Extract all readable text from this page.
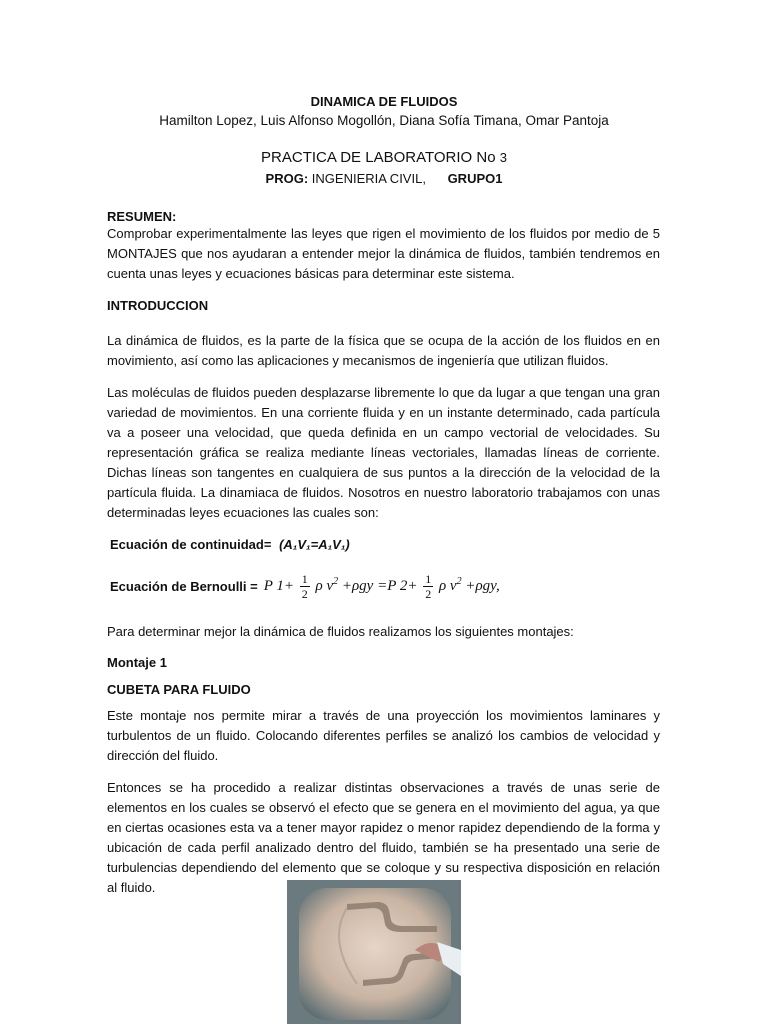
DINAMICA DE FLUIDOS
Hamilton Lopez, Luis Alfonso Mogollón, Diana Sofía Timana, Omar Pantoja
PRACTICA DE LABORATORIO No 3
PROG: INGENIERIA CIVIL, GRUPO1
RESUMEN:

Comprobar experimentalmente las leyes que rigen el movimiento de los fluidos por medio de 5 MONTAJES que nos ayudaran a entender mejor la dinámica de fluidos, también tendremos en cuenta unas leyes y ecuaciones básicas para determinar este sistema.

INTRODUCCION

La dinámica de fluidos, es la parte de la física que se ocupa de la acción de los fluidos en en movimiento, así como las aplicaciones y mecanismos de ingeniería que utilizan fluidos.

Las moléculas de fluidos pueden desplazarse libremente lo que da lugar a que tengan una gran variedad de movimientos. En una corriente fluida y en un instante determinado, cada partícula va a poseer una velocidad, que queda definida en un campo vectorial de velocidades. Su representación gráfica se realiza mediante líneas vectoriales, llamadas líneas de corriente. Dichas líneas son tangentes en cualquiera de sus puntos a la dirección de la velocidad de la partícula fluida. La dinamiaca de fluidos. Nosotros en nuestro laboratorio trabajamos con unas determinadas leyes ecuaciones las cuales son:

Ecuación de continuidad= (A₁V₁=A₁V₁)
Ecuación de Bernoulli = P $1+ \frac{1}{2}$ ρ $v^2 +\rho gy =P$ $2+ \frac{1}{2}$ ρ $v^2 +\rho gy$,

Para determinar mejor la dinámica de fluidos realizamos los siguientes montajes:

Montaje 1
CUBETA PARA FLUIDO

Este montaje nos permite mirar a través de una proyección los movimientos laminares y turbulentos de un fluido. Colocando diferentes perfiles se analizó los cambios de velocidad y dirección del fluido.

Entonces se ha procedido a realizar distintas observaciones a través de unas serie de elementos en los cuales se observó el efecto que se genera en el movimiento del agua, ya que en ciertas ocasiones esta va a tener mayor rapidez o menor rapidez dependiendo de la forma y ubicación de cada perfil analizado dentro del fluido, también se ha presentado una serie de turbulencias dependiendo del elemento que se coloque y su respectiva disposición en relación al fluido.
